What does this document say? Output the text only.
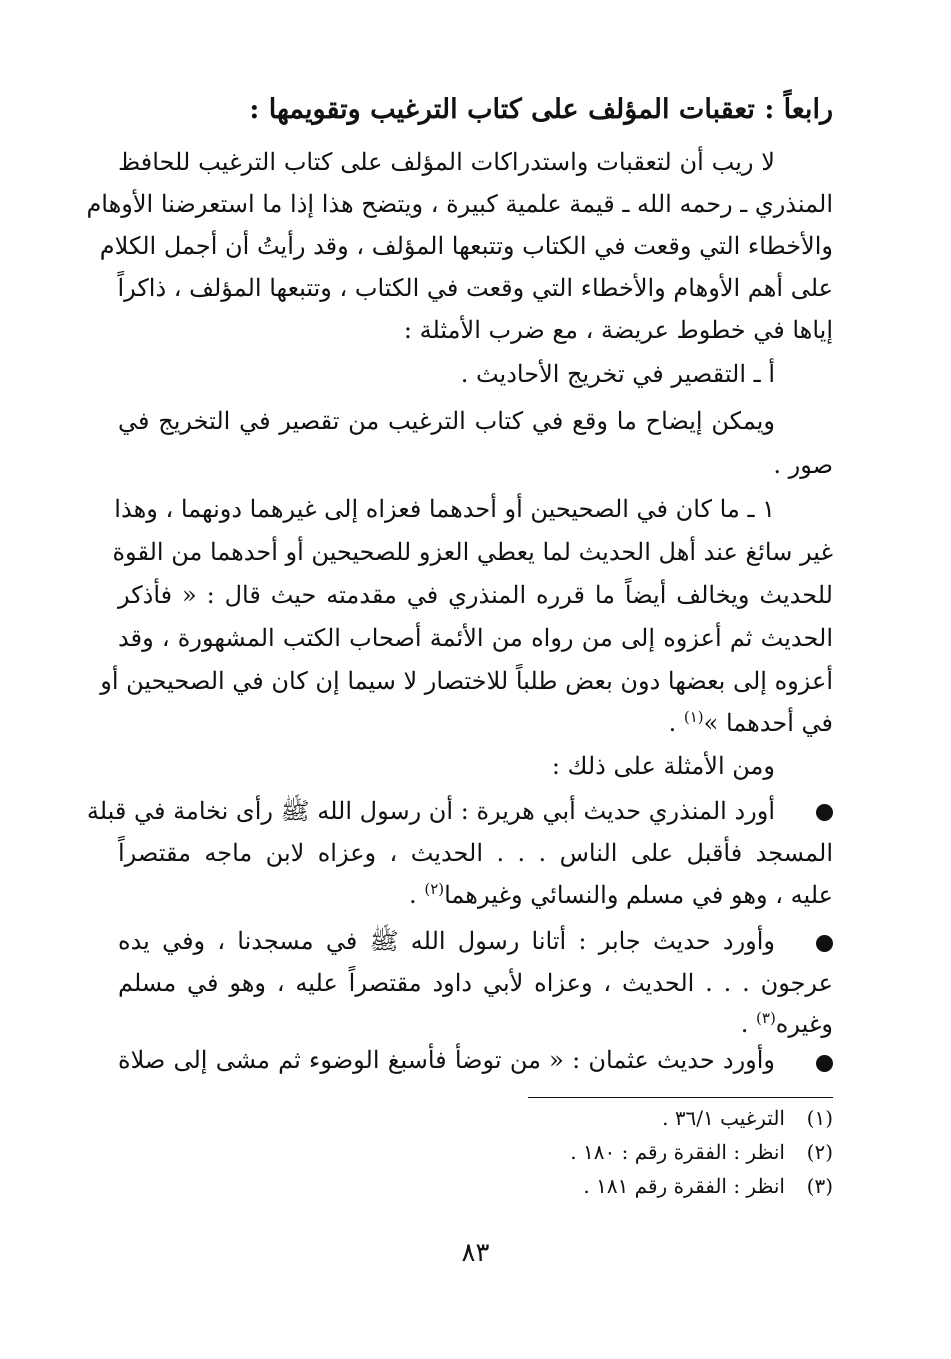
رابعاً : تعقبات المؤلف على كتاب الترغيب وتقويمها :
لا ريب أن لتعقبات واستدراكات المؤلف على كتاب الترغيب للحافظ
المنذري ـ رحمه الله ـ قيمة علمية كبيرة ، ويتضح هذا إذا ما استعرضنا الأوهام
والأخطاء التي وقعت في الكتاب وتتبعها المؤلف ، وقد رأيتُ أن أجمل الكلام
على أهم الأوهام والأخطاء التي وقعت في الكتاب ، وتتبعها المؤلف ، ذاكراً
إياها في خطوط عريضة ، مع ضرب الأمثلة :
أ ـ التقصير في تخريج الأحاديث .
ويمكن إيضاح ما وقع في كتاب الترغيب من تقصير في التخريج في
صور .
١ ـ ما كان في الصحيحين أو أحدهما فعزاه إلى غيرهما دونهما ، وهذا
غير سائغ عند أهل الحديث لما يعطي العزو للصحيحين أو أحدهما من القوة
للحديث ويخالف أيضاً ما قرره المنذري في مقدمته حيث قال : « فأذكر
الحديث ثم أعزوه إلى من رواه من الأئمة أصحاب الكتب المشهورة ، وقد
أعزوه إلى بعضها دون بعض طلباً للاختصار لا سيما إن كان في الصحيحين أو
في أحدهما »$^{(١)}$ .
ومن الأمثلة على ذلك :
أورد المنذري حديث أبي هريرة : أن رسول الله ﷺ رأى نخامة في قبلة
المسجد فأقبل على الناس . . . الحديث ، وعزاه لابن ماجه مقتصراً
عليه ، وهو في مسلم والنسائي وغيرهما$^{(٢)}$ .
وأورد حديث جابر : أتانا رسول الله ﷺ في مسجدنا ، وفي يده
عرجون . . . الحديث ، وعزاه لأبي داود مقتصراً عليه ، وهو في مسلم
وغيره$^{(٣)}$ .
وأورد حديث عثمان : « من توضأ فأسبغ الوضوء ثم مشى إلى صلاة
(١)الترغيب ٣٦/١ .
(٢)انظر : الفقرة رقم : ١٨٠ .
(٣)انظر : الفقرة رقم ١٨١ .
٨٣
